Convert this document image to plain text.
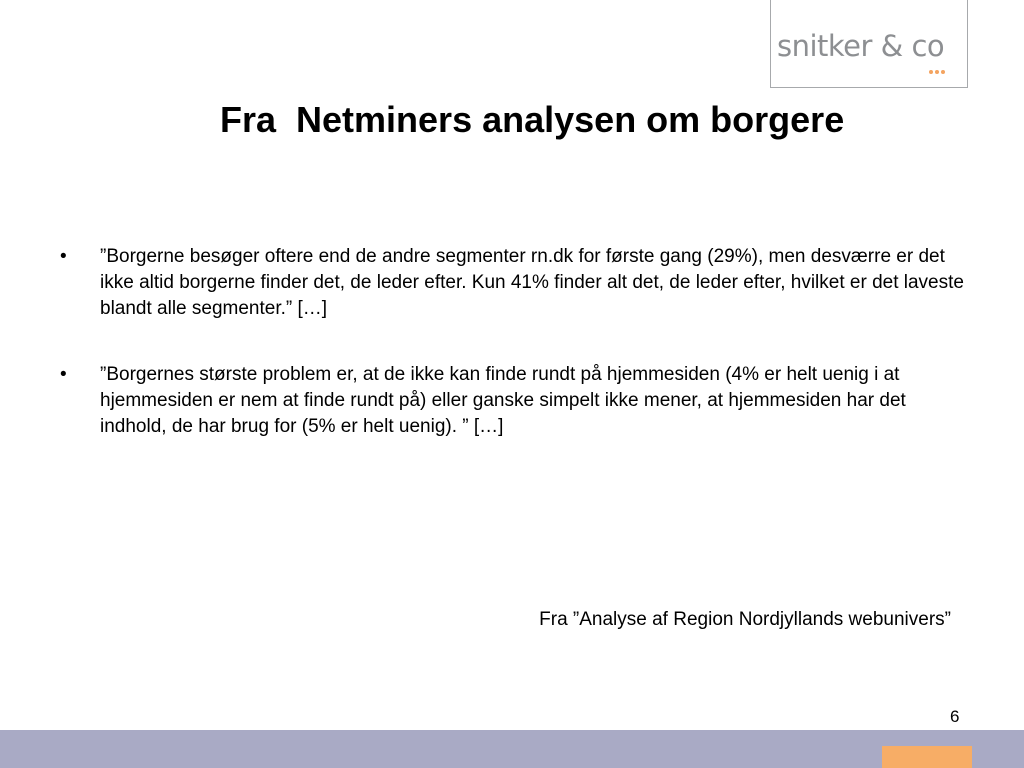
snitker & co
Fra  Netminers analysen om borgere
• ”Borgerne besøger oftere end de andre segmenter rn.dk for første gang (29%), men desværre er det ikke altid borgerne finder det, de leder efter. Kun 41% finder alt det, de leder efter, hvilket er det laveste blandt alle segmenter.” […]
• ”Borgernes største problem er, at de ikke kan finde rundt på hjemmesiden (4% er helt uenig i at hjemmesiden er nem at finde rundt på) eller ganske simpelt ikke mener, at hjemmesiden har det indhold, de har brug for (5% er helt uenig). ” […]
Fra ”Analyse af Region Nordjyllands webunivers”
6
